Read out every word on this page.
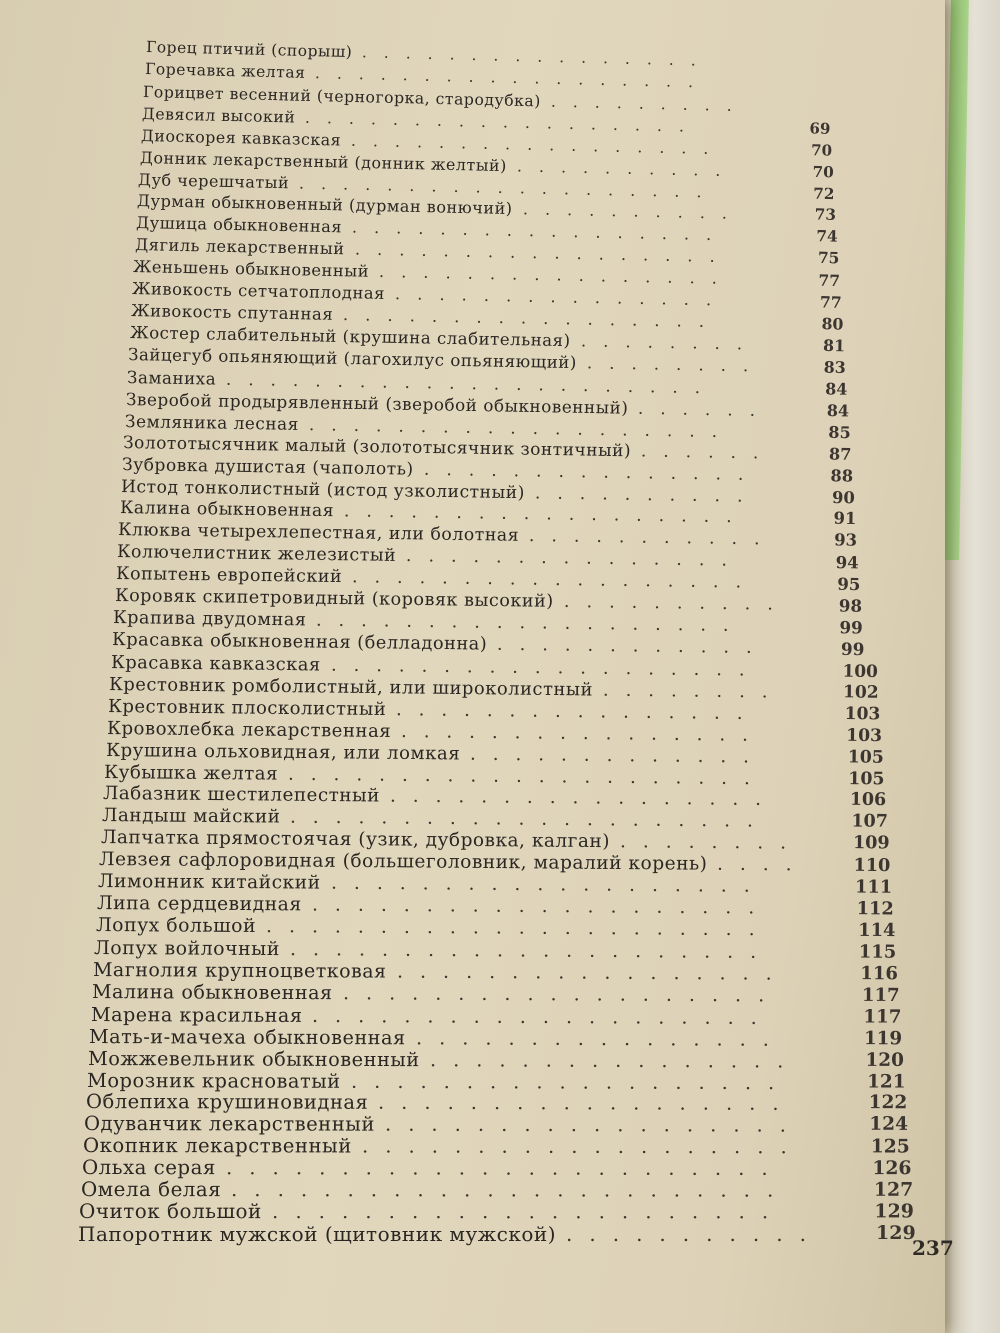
Горец птичий (спорыш) ................
Горечавка желтая ..................
Горицвет весенний (черногорка, стародубка) .........
Девясил высокий ..................	69
Диоскорея кавказская .................	70
Донник лекарственный (донник желтый) ..........	70
Дуб черешчатый ...................	72
Дурман обыкновенный (дурман вонючий) ..........	73
Душица обыкновенная .................	74
Дягиль лекарственный .................	75
Женьшень обыкновенный ................	77
Живокость сетчатоплодная ...............	77
Живокость спутанная .................	80
Жостер слабительный (крушина слабительная) ........	81
Зайцегуб опьяняющий (лагохилус опьяняющий) ........	83
Заманиха ......................	84
Зверобой продырявленный (зверобой обыкновенный) ......	84
Земляника лесная ...................	85
Золототысячник малый (золототысячник зонтичный) ......	87
Зубровка душистая (чаполоть) ...............	88
Истод тонколистный (истод узколистный) ..........	90
Калина обыкновенная ..................	91
Клюква четырехлепестная, или болотная ...........	93
Колючелистник железистый ...............	94
Копытень европейский ..................	95
Коровяк скипетровидный (коровяк высокий) ..........	98
Крапива двудомная ...................	99
Красавка обыкновенная (белладонна) ............	99
Красавка кавказская ...................	100
Крестовник ромболистный, или широколистный ........	102
Крестовник плосколистный ................	103
Кровохлебка лекарственная ................	103
Крушина ольховидная, или ломкая .............	105
Кубышка желтая .....................	105
Лабазник шестилепестный .................	106
Ландыш майский .....................	107
Лапчатка прямостоячая (узик, дубровка, калган) ........	109
Левзея сафлоровидная (большеголовник, маралий корень) ....	110
Лимонник китайский ...................	111
Липа сердцевидная ....................	112
Лопух большой ......................	114
Лопух войлочный .....................	115
Магнолия крупноцветковая .................	116
Малина обыкновенная ...................	117
Марена красильная ....................	117
Мать-и-мачеха обыкновенная ................	119
Можжевельник обыкновенный ................	120
Морозник красноватый ...................	121
Облепиха крушиновидная ..................	122
Одуванчик лекарственный ..................	124
Окопник лекарственный ...................	125
Ольха серая ........................	126
Омела белая ........................	127
Очиток большой ......................	129
Папоротник мужской (щитовник мужской) ...........	129
237
